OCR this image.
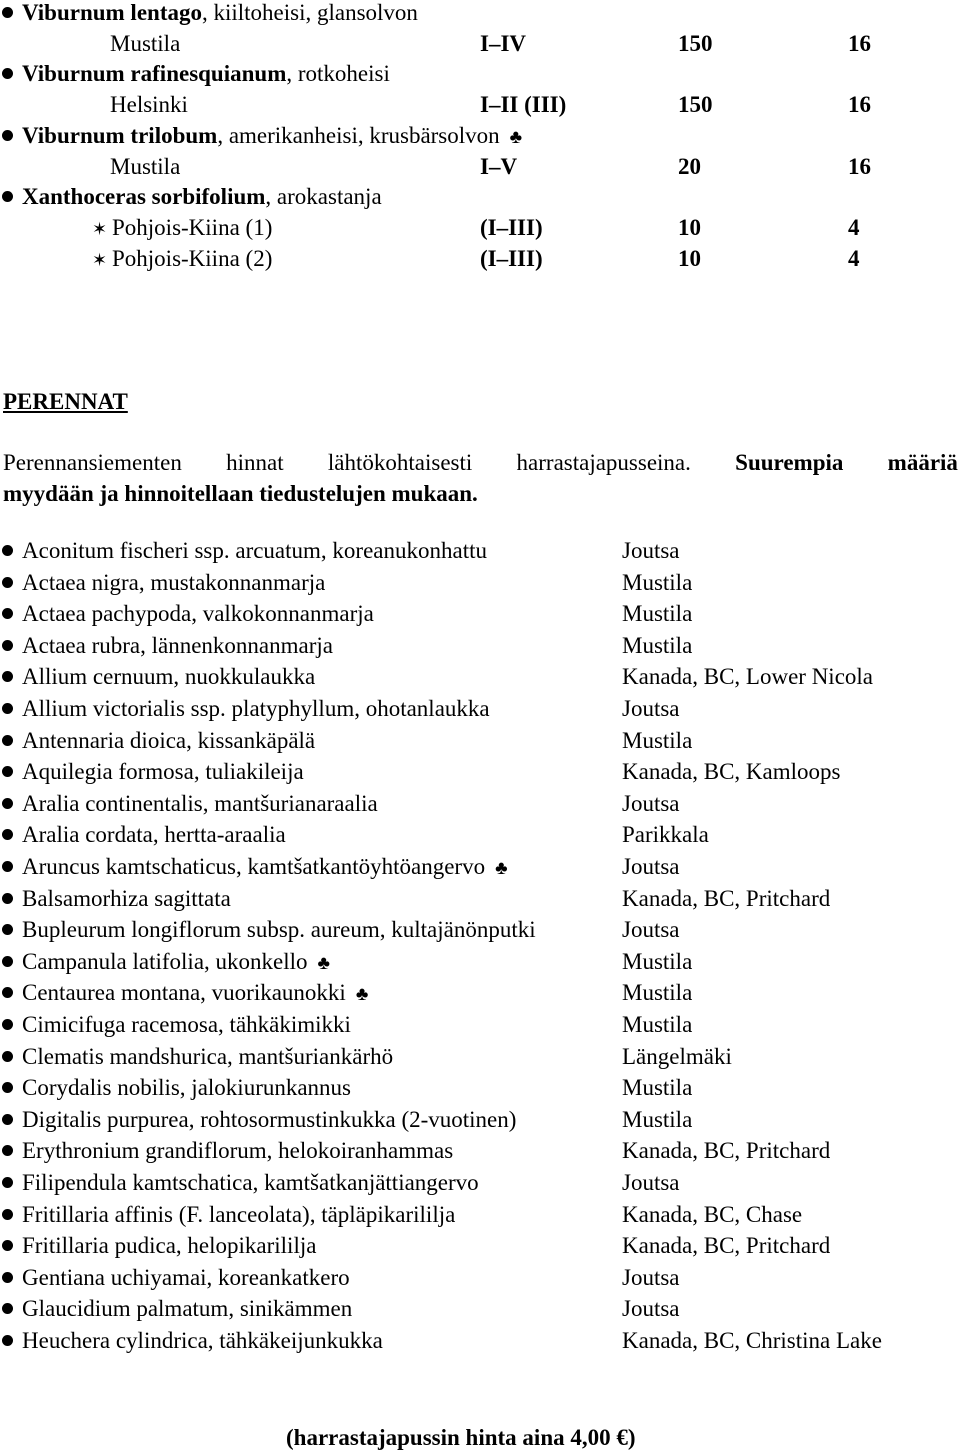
Viburnum lentago, kiiltoheisi, glansolvon
Mustila	I–IV	150	16
Viburnum rafinesquianum, rotkoheisi
Helsinki	I–II (III)	150	16
Viburnum trilobum, amerikanheisi, krusbärsolvon ♣
Mustila	I–V	20	16
Xanthoceras sorbifolium, arokastanja
✶ Pohjois-Kiina (1)	(I–III)	10	4
✶ Pohjois-Kiina (2)	(I–III)	10	4
PERENNAT
Perennansiementen hinnat lähtökohtaisesti harrastajapusseina. Suurempia määriä
myydään ja hinnoitellaan tiedustelujen mukaan.
Aconitum fischeri ssp. arcuatum, koreanukonhattu	Joutsa
Actaea nigra, mustakonnanmarja	Mustila
Actaea pachypoda, valkokonnanmarja	Mustila
Actaea rubra, lännenkonnanmarja	Mustila
Allium cernuum, nuokkulaukka	Kanada, BC, Lower Nicola
Allium victorialis ssp. platyphyllum, ohotanlaukka	Joutsa
Antennaria dioica, kissankäpälä	Mustila
Aquilegia formosa, tuliakileija	Kanada, BC, Kamloops
Aralia continentalis, mantšurianaraalia	Joutsa
Aralia cordata, hertta-araalia	Parikkala
Aruncus kamtschaticus, kamtšatkantöyhtöangervo ♣	Joutsa
Balsamorhiza sagittata	Kanada, BC, Pritchard
Bupleurum longiflorum subsp. aureum, kultajänönputki	Joutsa
Campanula latifolia, ukonkello ♣	Mustila
Centaurea montana, vuorikaunokki ♣	Mustila
Cimicifuga racemosa, tähkäkimikki	Mustila
Clematis mandshurica, mantšuriankärhö	Längelmäki
Corydalis nobilis, jalokiurunkannus	Mustila
Digitalis purpurea, rohtosormustinkukka (2-vuotinen)	Mustila
Erythronium grandiflorum, helokoiranhammas	Kanada, BC, Pritchard
Filipendula kamtschatica, kamtšatkanjättiangervo	Joutsa
Fritillaria affinis (F. lanceolata), täpläpikarililja	Kanada, BC, Chase
Fritillaria pudica, helopikarililja	Kanada, BC, Pritchard
Gentiana uchiyamai, koreankatkero	Joutsa
Glaucidium palmatum, sinikämmen	Joutsa
Heuchera cylindrica, tähkäkeijunkukka	Kanada, BC, Christina Lake
(harrastajapussin hinta aina 4,00 €)
